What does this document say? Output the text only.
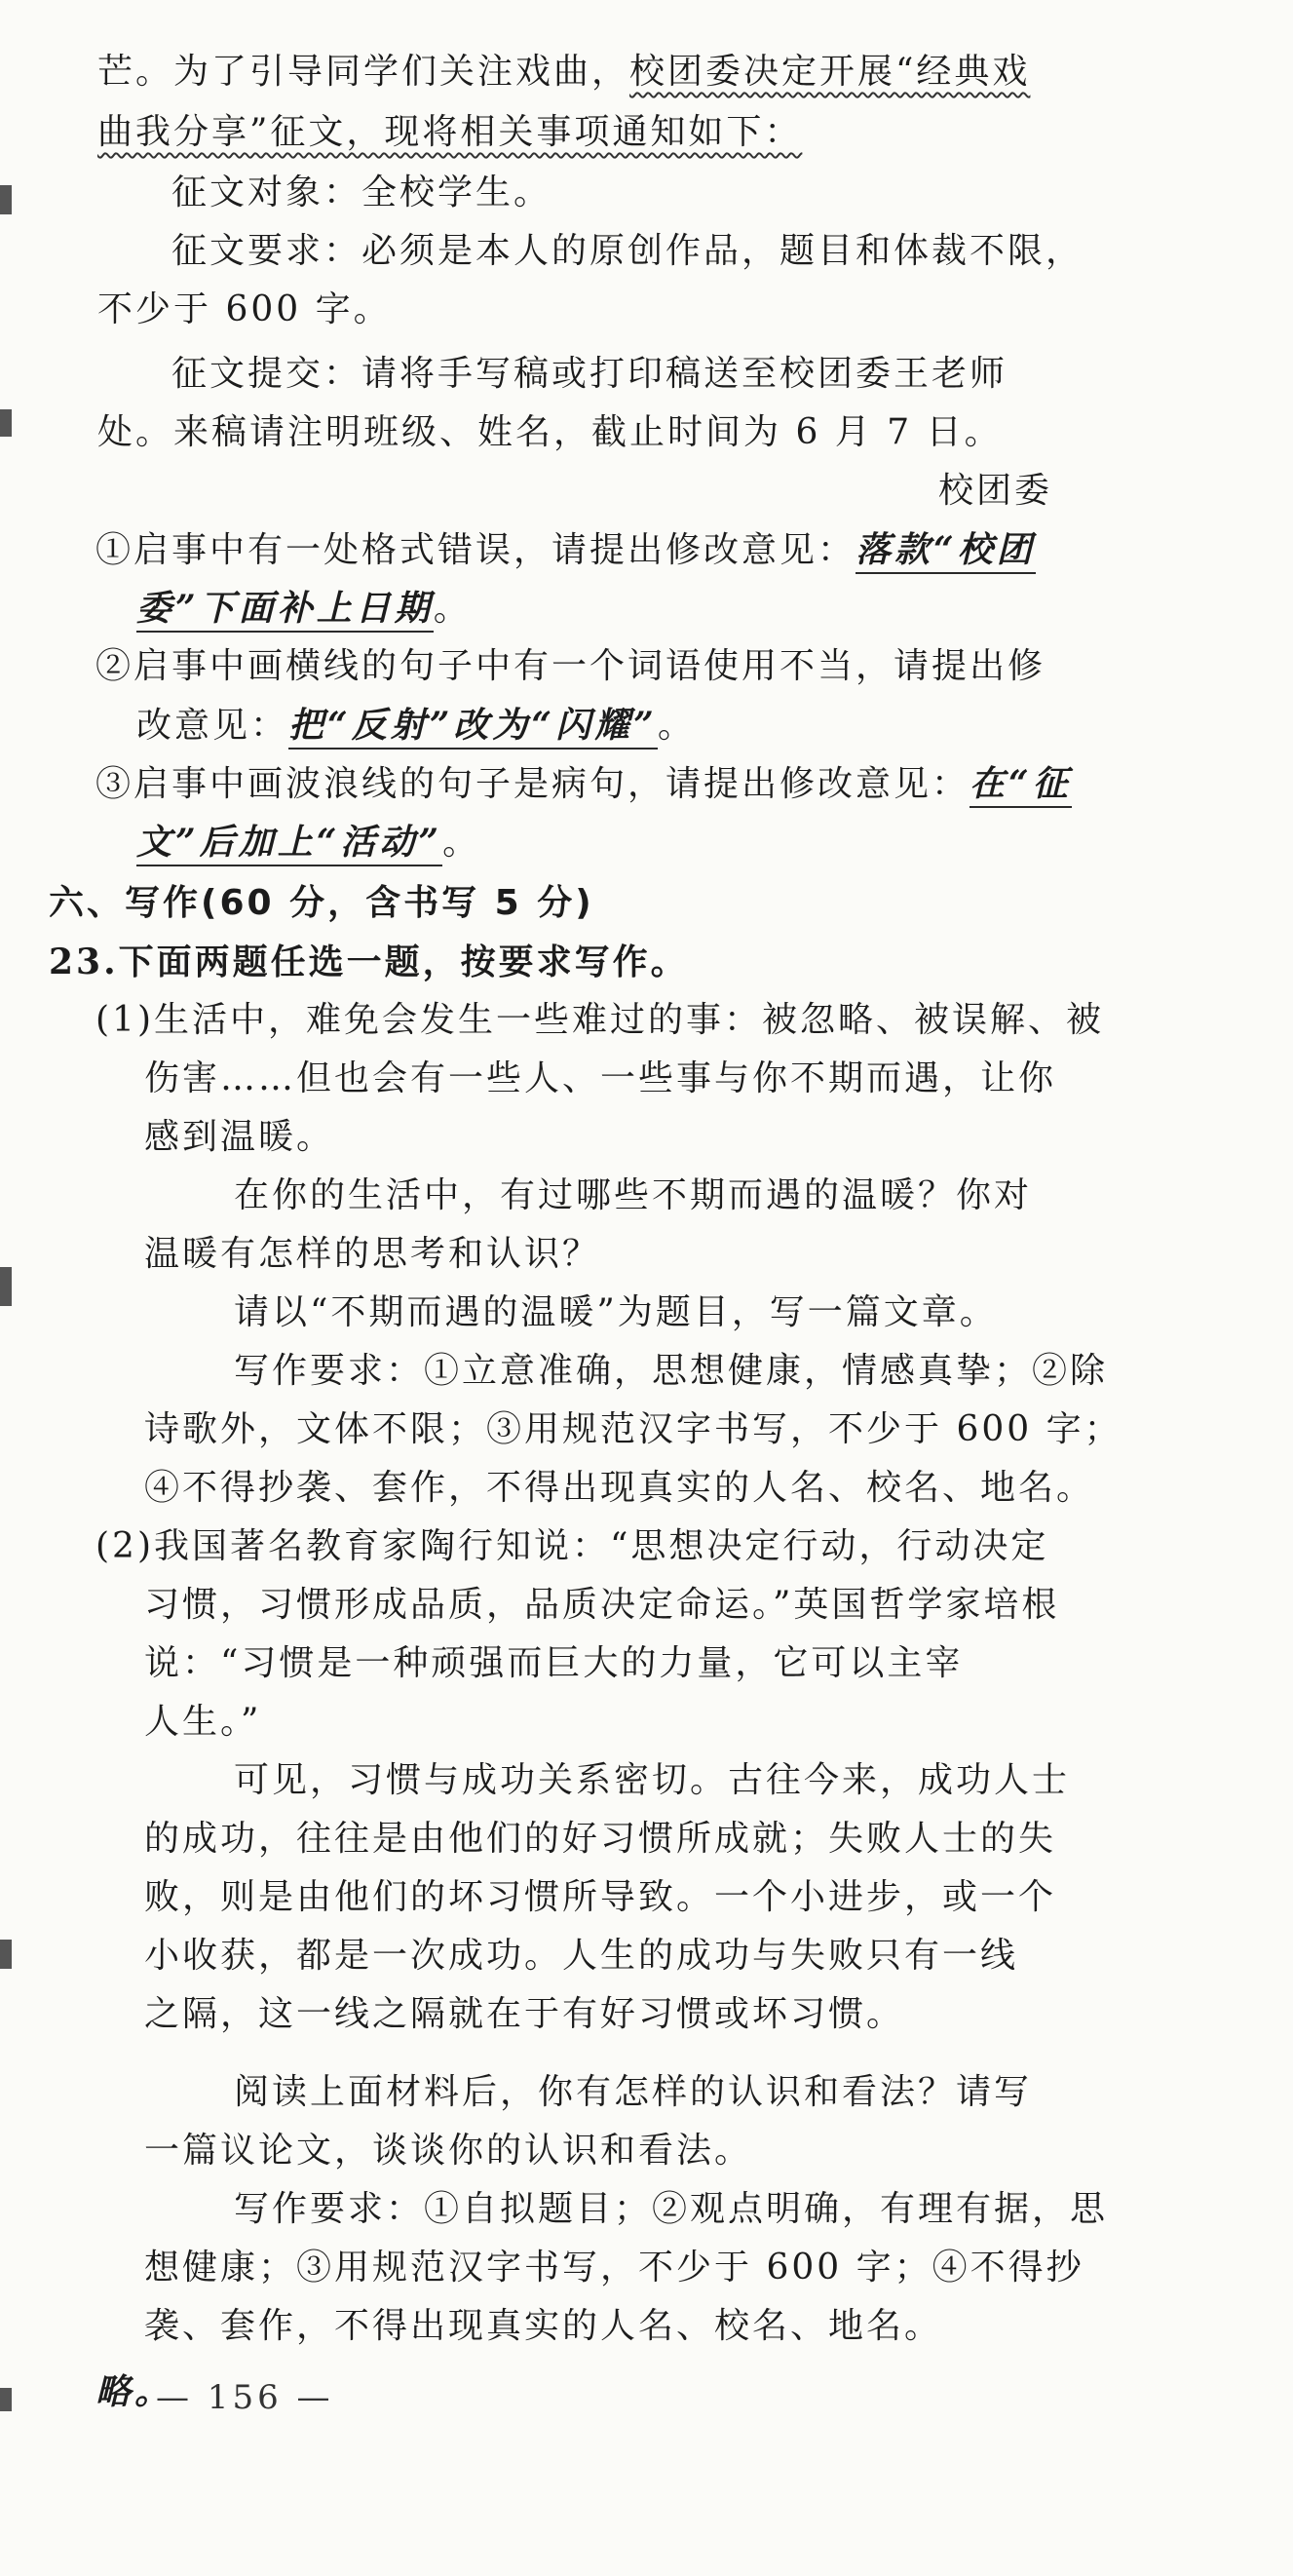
芒。为了引导同学们关注戏曲，校团委决定开展“经典戏
曲我分享”征文，现将相关事项通知如下：
征文对象：全校学生。
征文要求：必须是本人的原创作品，题目和体裁不限，
不少于 600 字。
征文提交：请将手写稿或打印稿送至校团委王老师
处。来稿请注明班级、姓名，截止时间为 6 月 7 日。
校团委
①启事中有一处格式错误，请提出修改意见：落款“校团
委”下面补上日期。
②启事中画横线的句子中有一个词语使用不当，请提出修
改意见：把“反射”改为“闪耀”。
③启事中画波浪线的句子是病句，请提出修改意见：在“征
文”后加上“活动”。
六、写作(60 分，含书写 5 分)
23.下面两题任选一题，按要求写作。
(1)生活中，难免会发生一些难过的事：被忽略、被误解、被
伤害……但也会有一些人、一些事与你不期而遇，让你
感到温暖。
在你的生活中，有过哪些不期而遇的温暖？你对
温暖有怎样的思考和认识？
请以“不期而遇的温暖”为题目，写一篇文章。
写作要求：①立意准确，思想健康，情感真挚；②除
诗歌外，文体不限；③用规范汉字书写，不少于 600 字；
④不得抄袭、套作，不得出现真实的人名、校名、地名。
(2)我国著名教育家陶行知说：“思想决定行动，行动决定
习惯，习惯形成品质，品质决定命运。”英国哲学家培根
说：“习惯是一种顽强而巨大的力量，它可以主宰
人生。”
可见，习惯与成功关系密切。古往今来，成功人士
的成功，往往是由他们的好习惯所成就；失败人士的失
败，则是由他们的坏习惯所导致。一个小进步，或一个
小收获，都是一次成功。人生的成功与失败只有一线
之隔，这一线之隔就在于有好习惯或坏习惯。
阅读上面材料后，你有怎样的认识和看法？请写
一篇议论文，谈谈你的认识和看法。
写作要求：①自拟题目；②观点明确，有理有据，思
想健康；③用规范汉字书写，不少于 600 字；④不得抄
袭、套作，不得出现真实的人名、校名、地名。
略。
— 156 —
